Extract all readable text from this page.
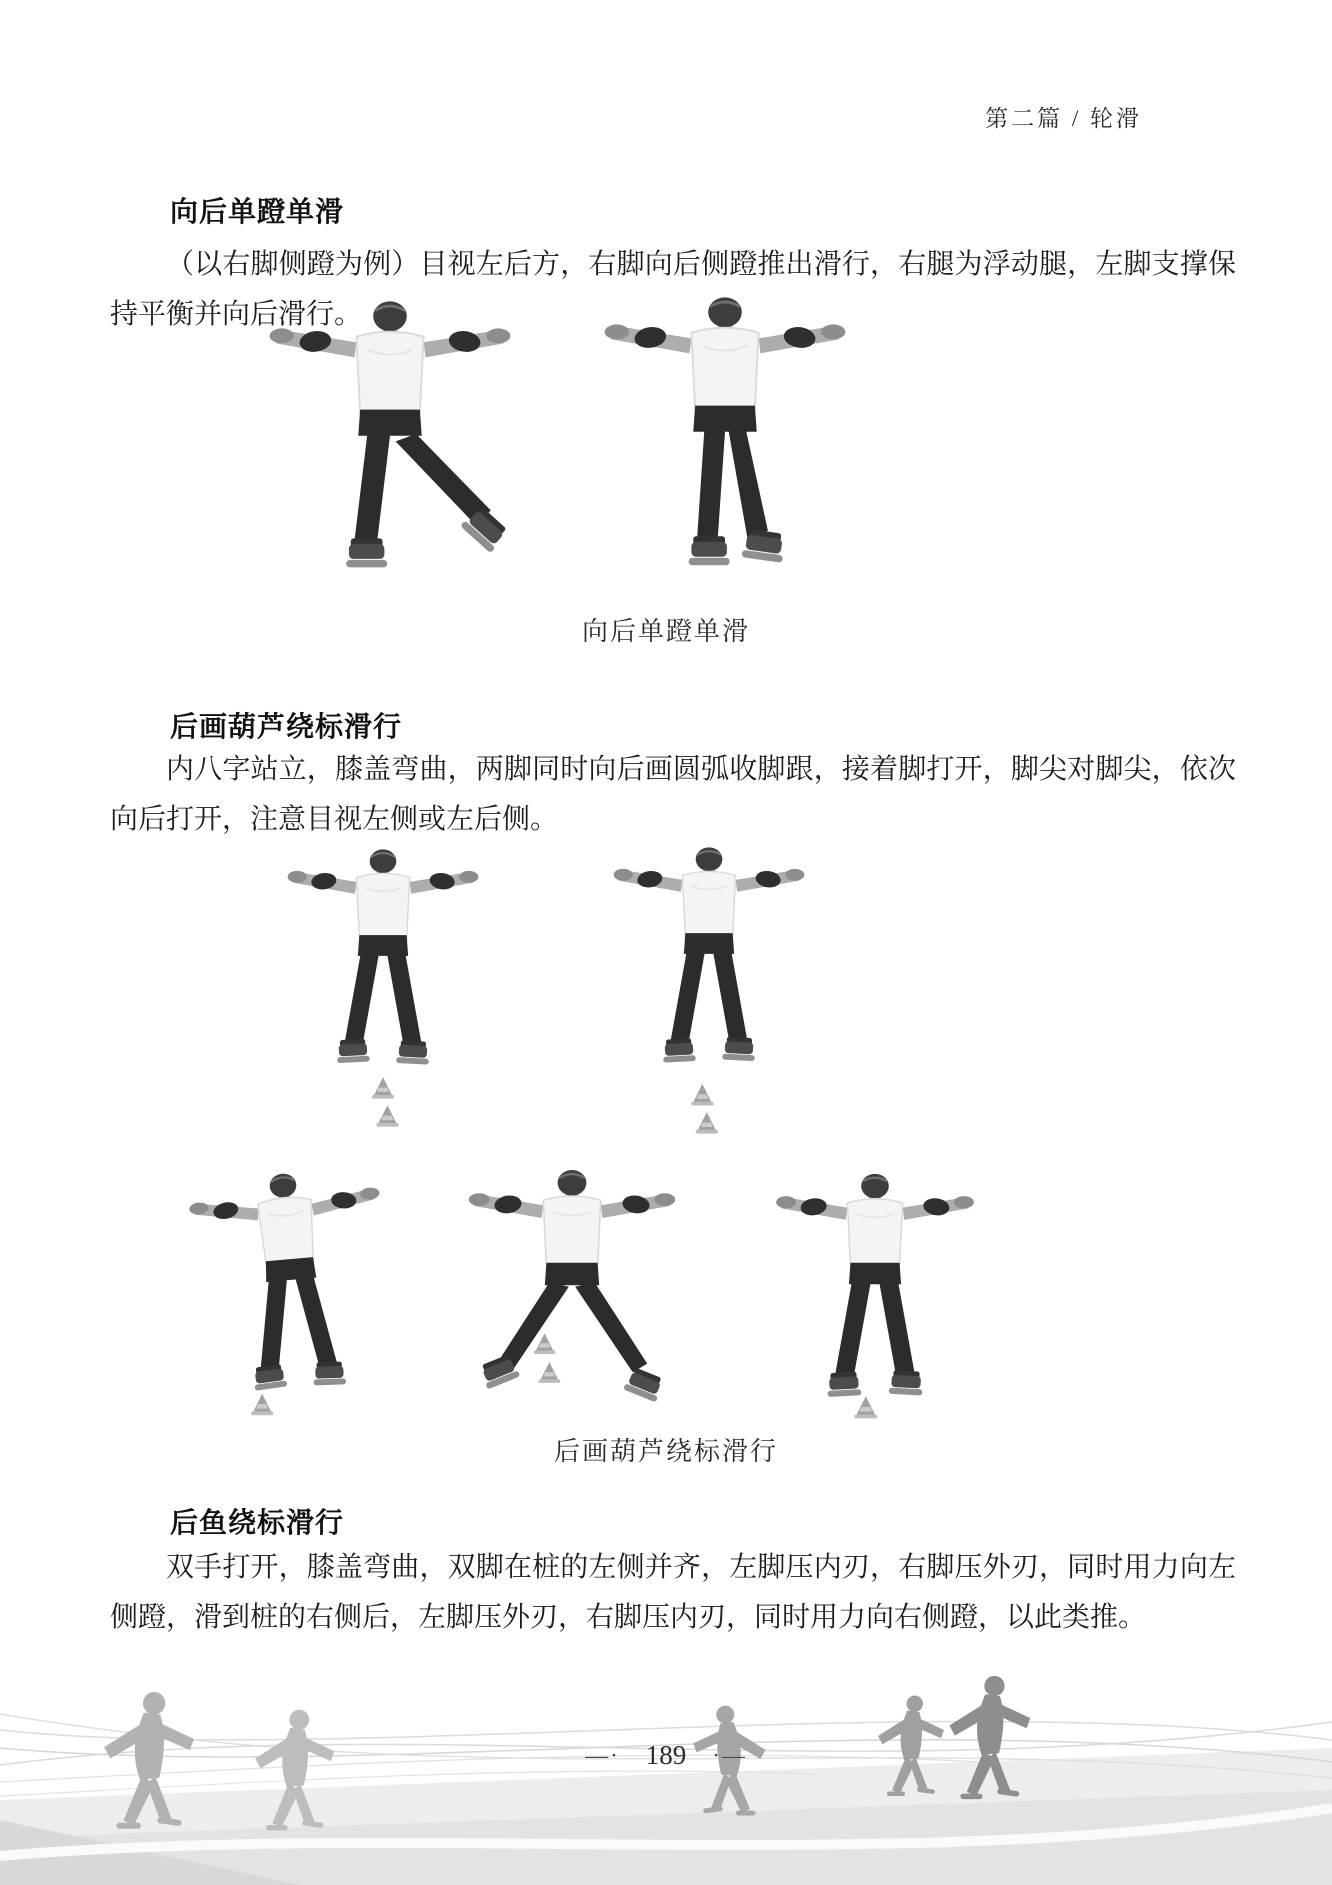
第二篇 / 轮滑
向后单蹬单滑
（以右脚侧蹬为例）目视左后方，右脚向后侧蹬推出滑行，右腿为浮动腿，左脚支撑保持平衡并向后滑行。
向后单蹬单滑
后画葫芦绕标滑行
内八字站立，膝盖弯曲，两脚同时向后画圆弧收脚跟，接着脚打开，脚尖对脚尖，依次向后打开，注意目视左侧或左后侧。
后画葫芦绕标滑行
后鱼绕标滑行
双手打开，膝盖弯曲，双脚在桩的左侧并齐，左脚压内刃，右脚压外刃，同时用力向左侧蹬，滑到桩的右侧后，左脚压外刃，右脚压内刃，同时用力向右侧蹬，以此类推。
—· 189 ·—
